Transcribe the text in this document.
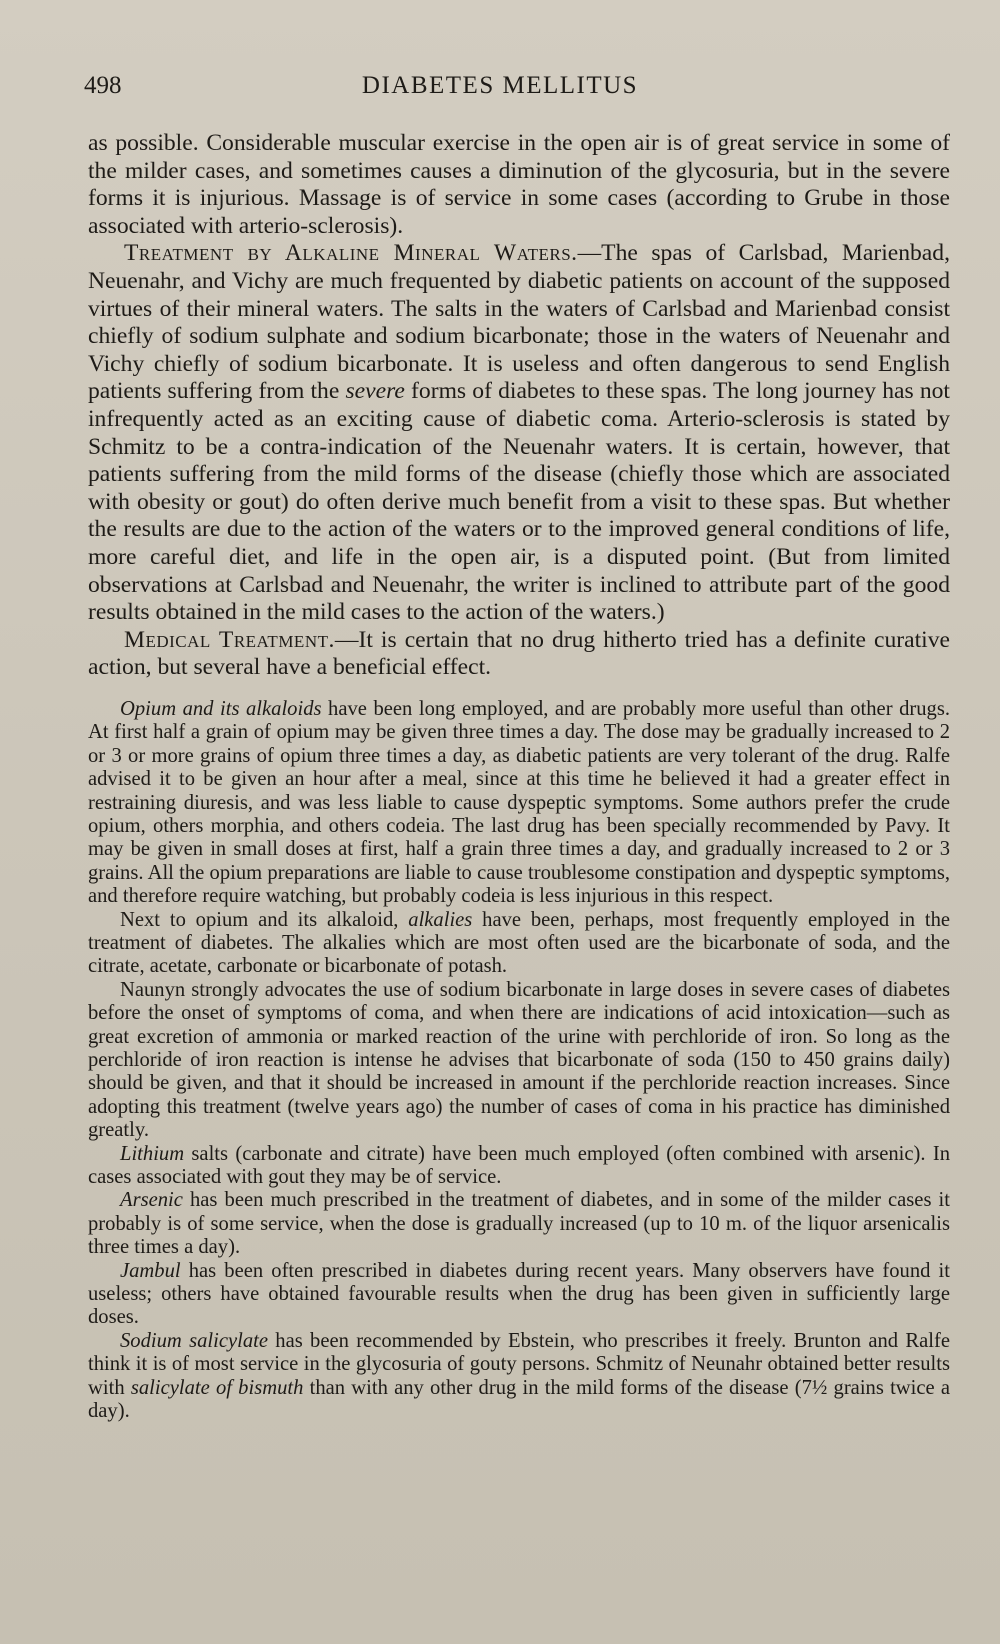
498	DIABETES MELLITUS

as possible. Considerable muscular exercise in the open air is of great service in some of the milder cases, and sometimes causes a diminution of the glycosuria, but in the severe forms it is injurious. Massage is of service in some cases (according to Grube in those associated with arterio-sclerosis).

Treatment by Alkaline Mineral Waters.—The spas of Carlsbad, Marienbad, Neuenahr, and Vichy are much frequented by diabetic patients on account of the supposed virtues of their mineral waters. The salts in the waters of Carlsbad and Marienbad consist chiefly of sodium sulphate and sodium bicarbonate; those in the waters of Neuenahr and Vichy chiefly of sodium bicarbonate. It is useless and often dangerous to send English patients suffering from the severe forms of diabetes to these spas. The long journey has not infrequently acted as an exciting cause of diabetic coma. Arterio-sclerosis is stated by Schmitz to be a contra-indication of the Neuenahr waters. It is certain, however, that patients suffering from the mild forms of the disease (chiefly those which are associated with obesity or gout) do often derive much benefit from a visit to these spas. But whether the results are due to the action of the waters or to the improved general conditions of life, more careful diet, and life in the open air, is a disputed point. (But from limited observations at Carlsbad and Neuenahr, the writer is inclined to attribute part of the good results obtained in the mild cases to the action of the waters.)

Medical Treatment.—It is certain that no drug hitherto tried has a definite curative action, but several have a beneficial effect.

Opium and its alkaloids have been long employed, and are probably more useful than other drugs. At first half a grain of opium may be given three times a day. The dose may be gradually increased to 2 or 3 or more grains of opium three times a day, as diabetic patients are very tolerant of the drug. Ralfe advised it to be given an hour after a meal, since at this time he believed it had a greater effect in restraining diuresis, and was less liable to cause dyspeptic symptoms. Some authors prefer the crude opium, others morphia, and others codeia. The last drug has been specially recommended by Pavy. It may be given in small doses at first, half a grain three times a day, and gradually increased to 2 or 3 grains. All the opium preparations are liable to cause troublesome constipation and dyspeptic symptoms, and therefore require watching, but probably codeia is less injurious in this respect.

Next to opium and its alkaloid, alkalies have been, perhaps, most frequently employed in the treatment of diabetes. The alkalies which are most often used are the bicarbonate of soda, and the citrate, acetate, carbonate or bicarbonate of potash.

Naunyn strongly advocates the use of sodium bicarbonate in large doses in severe cases of diabetes before the onset of symptoms of coma, and when there are indications of acid intoxication—such as great excretion of ammonia or marked reaction of the urine with perchloride of iron. So long as the perchloride of iron reaction is intense he advises that bicarbonate of soda (150 to 450 grains daily) should be given, and that it should be increased in amount if the perchloride reaction increases. Since adopting this treatment (twelve years ago) the number of cases of coma in his practice has diminished greatly.

Lithium salts (carbonate and citrate) have been much employed (often combined with arsenic). In cases associated with gout they may be of service.

Arsenic has been much prescribed in the treatment of diabetes, and in some of the milder cases it probably is of some service, when the dose is gradually increased (up to 10 m. of the liquor arsenicalis three times a day).

Jambul has been often prescribed in diabetes during recent years. Many observers have found it useless; others have obtained favourable results when the drug has been given in sufficiently large doses.

Sodium salicylate has been recommended by Ebstein, who prescribes it freely. Brunton and Ralfe think it is of most service in the glycosuria of gouty persons. Schmitz of Neunahr obtained better results with salicylate of bismuth than with any other drug in the mild forms of the disease (7½ grains twice a day).
